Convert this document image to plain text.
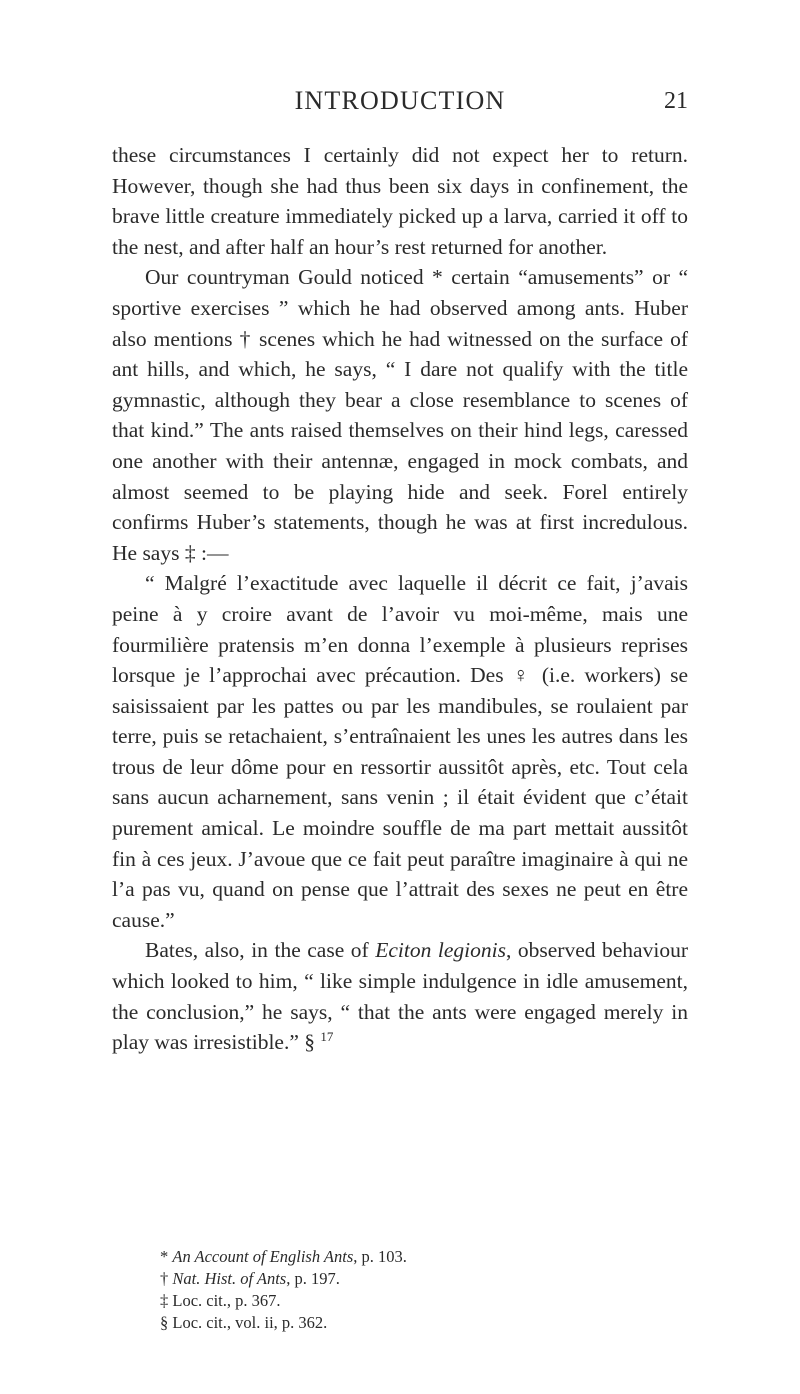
INTRODUCTION	21

these circumstances I certainly did not expect her to return. However, though she had thus been six days in confinement, the brave little creature immediately picked up a larva, carried it off to the nest, and after half an hour’s rest returned for another.

Our countryman Gould noticed * certain “amusements” or “ sportive exercises ” which he had observed among ants. Huber also mentions † scenes which he had witnessed on the surface of ant hills, and which, he says, “ I dare not qualify with the title gymnastic, although they bear a close resemblance to scenes of that kind.” The ants raised themselves on their hind legs, caressed one another with their antennæ, engaged in mock combats, and almost seemed to be playing hide and seek. Forel entirely confirms Huber’s statements, though he was at first incredulous. He says ‡ :—

“ Malgré l’exactitude avec laquelle il décrit ce fait, j’avais peine à y croire avant de l’avoir vu moi-même, mais une fourmilière pratensis m’en donna l’exemple à plusieurs reprises lorsque je l’approchai avec précaution. Des ♀ (i.e. workers) se saisissaient par les pattes ou par les mandibules, se roulaient par terre, puis se retachaient, s’entraînaient les unes les autres dans les trous de leur dôme pour en ressortir aussitôt après, etc. Tout cela sans aucun acharnement, sans venin ; il était évident que c’était purement amical. Le moindre souffle de ma part mettait aussitôt fin à ces jeux. J’avoue que ce fait peut paraître imaginaire à qui ne l’a pas vu, quand on pense que l’attrait des sexes ne peut en être cause.”

Bates, also, in the case of Eciton legionis, observed behaviour which looked to him, “ like simple indulgence in idle amusement, the conclusion,” he says, “ that the ants were engaged merely in play was irresistible.” § $^{17}$

* An Account of English Ants, p. 103.
† Nat. Hist. of Ants, p. 197.
‡ Loc. cit., p. 367.
§ Loc. cit., vol. ii, p. 362.
